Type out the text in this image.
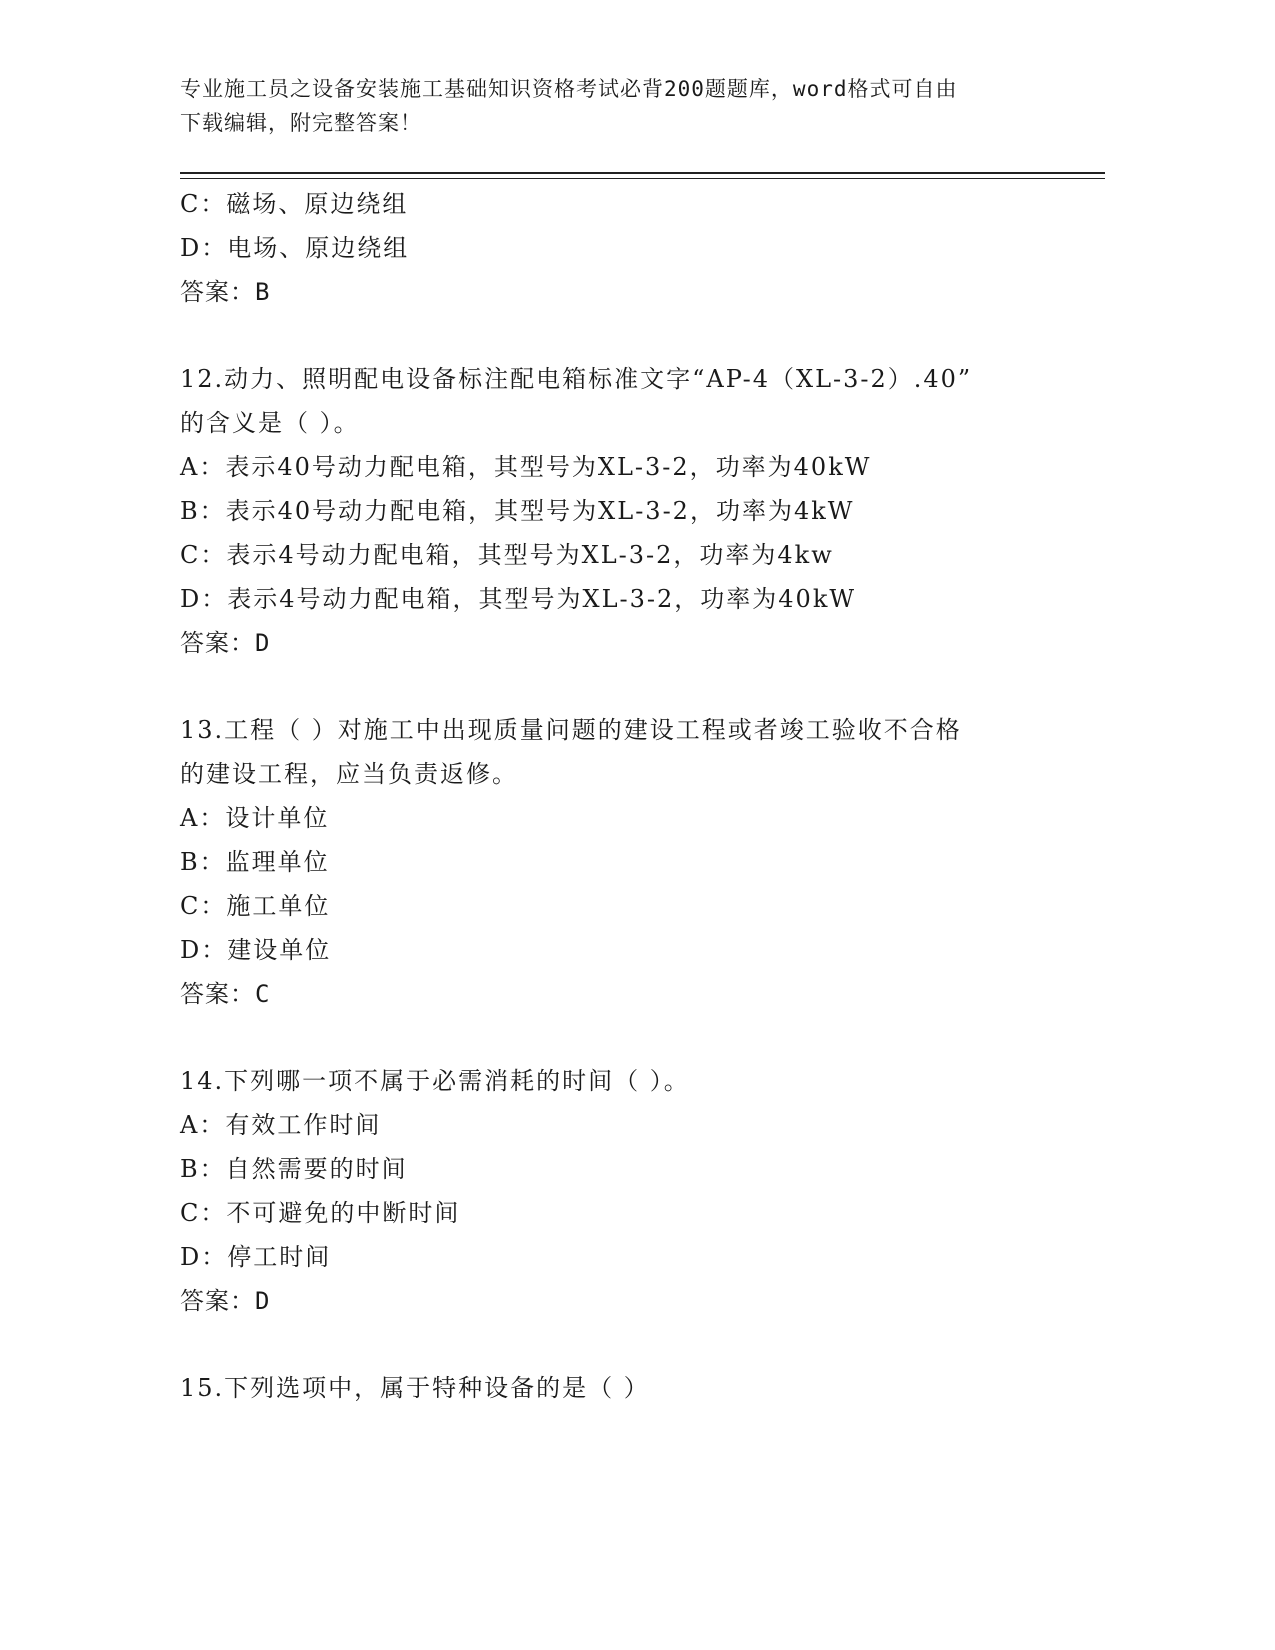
专业施工员之设备安装施工基础知识资格考试必背200题题库，word格式可自由
下载编辑，附完整答案！
C：磁场、原边绕组
D：电场、原边绕组
答案：B
12.动力、照明配电设备标注配电箱标准文字“AP-4（XL-3-2）.40”
的含义是（ ）。
A：表示40号动力配电箱，其型号为XL-3-2，功率为40kW
B：表示40号动力配电箱，其型号为XL-3-2，功率为4kW
C：表示4号动力配电箱，其型号为XL-3-2，功率为4kw
D：表示4号动力配电箱，其型号为XL-3-2，功率为40kW
答案：D
13.工程（ ）对施工中出现质量问题的建设工程或者竣工验收不合格
的建设工程，应当负责返修。
A：设计单位
B：监理单位
C：施工单位
D：建设单位
答案：C
14.下列哪一项不属于必需消耗的时间（ ）。
A：有效工作时间
B：自然需要的时间
C：不可避免的中断时间
D：停工时间
答案：D
15.下列选项中，属于特种设备的是（ ）
